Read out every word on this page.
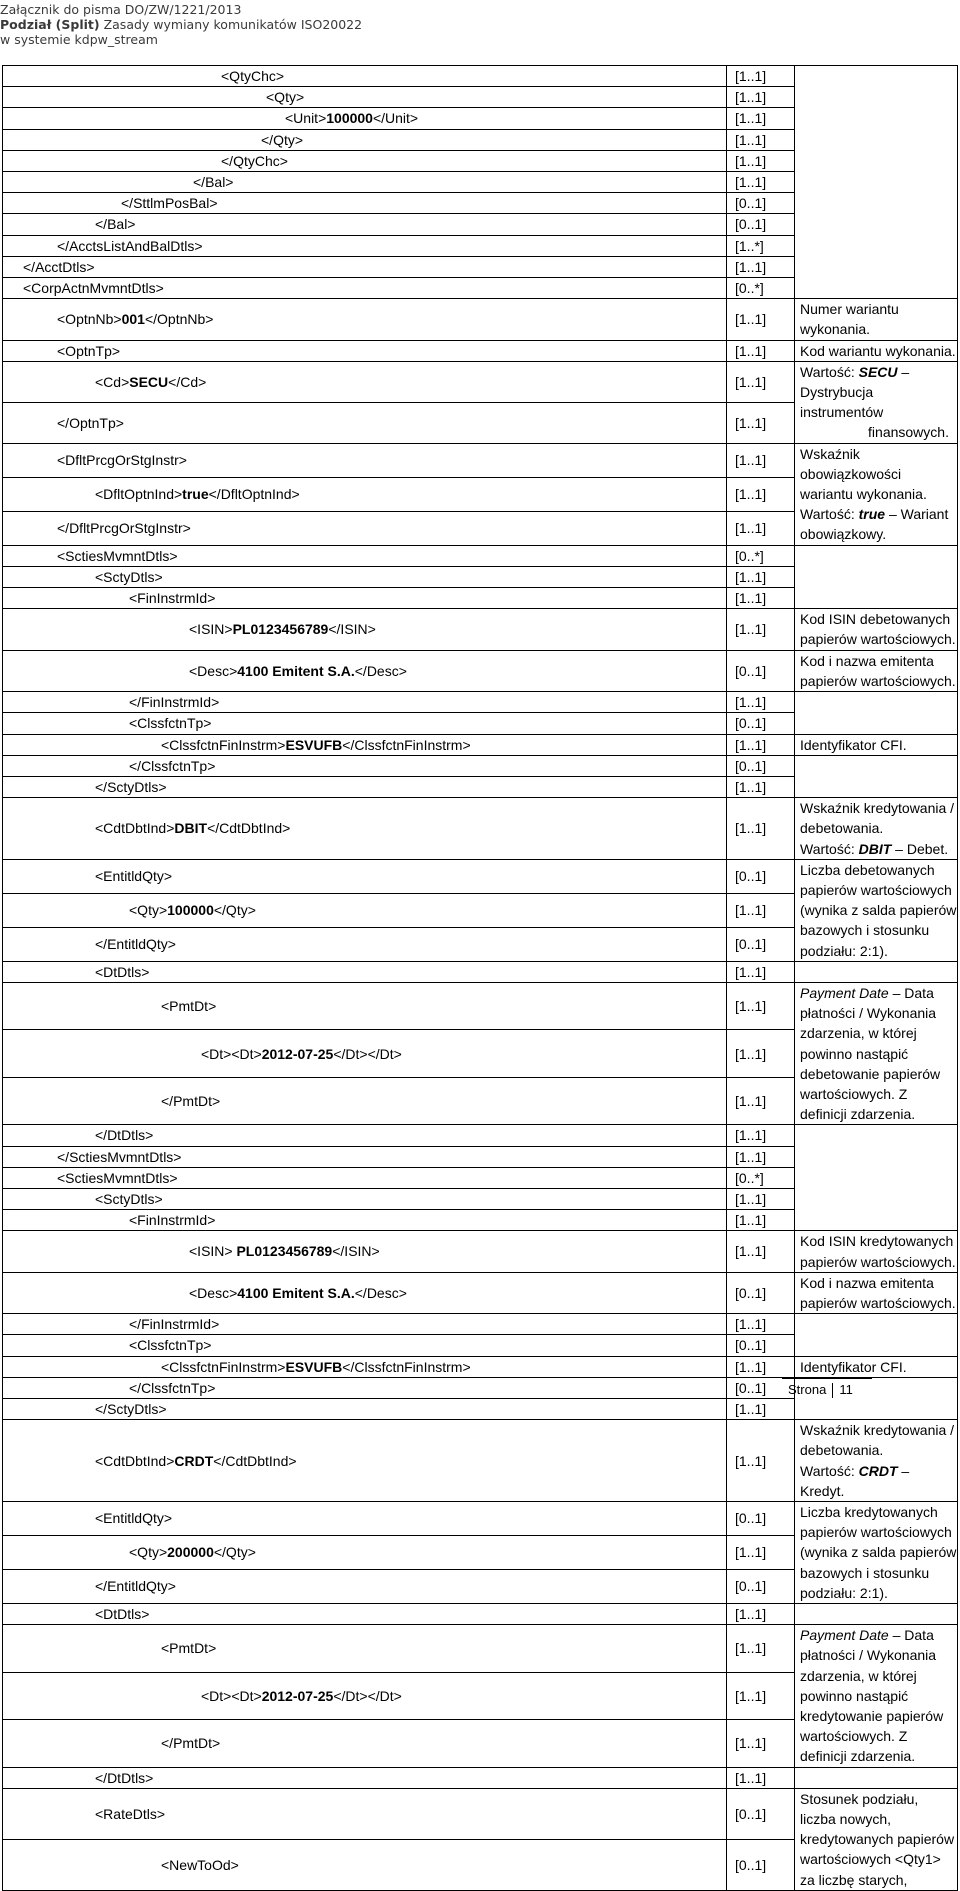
Załącznik do pisma DO/ZW/1221/2013
Podział (Split) Zasady wymiany komunikatów ISO20022
w systemie kdpw_stream
<QtyChc>	[1..1]	
<Qty>	[1..1]	
<Unit>100000</Unit>	[1..1]	
</Qty>	[1..1]	
</QtyChc>	[1..1]	
</Bal>	[1..1]	
</SttlmPosBal>	[0..1]	
</Bal>	[0..1]	
</AcctsListAndBalDtls>	[1..*]	
</AcctDtls>	[1..1]	
<CorpActnMvmntDtls>	[0..*]	
<OptnNb>001</OptnNb>	[1..1]	Numer wariantu wykonania.
<OptnTp>	[1..1]	Kod wariantu wykonania.
<Cd>SECU</Cd>	[1..1]	Wartość: SECU – Dystrybucja instrumentów

finansowych.

</OptnTp>	[1..1]	
<DfltPrcgOrStgInstr>	[1..1]	Wskaźnik obowiązkowości wariantu wykonania.
Wartość: true – Wariant obowiązkowy.
<DfltOptnInd>true</DfltOptnInd>	[1..1]	
</DfltPrcgOrStgInstr>	[1..1]	
<SctiesMvmntDtls>	[0..*]	
<SctyDtls>	[1..1]	
<FinInstrmId>	[1..1]	
<ISIN>PL0123456789</ISIN>	[1..1]	Kod ISIN debetowanych papierów wartościowych.
<Desc>4100 Emitent S.A.</Desc>	[0..1]	Kod i nazwa emitenta papierów wartościowych.
</FinInstrmId>	[1..1]	
<ClssfctnTp>	[0..1]	
<ClssfctnFinInstrm>ESVUFB</ClssfctnFinInstrm>	[1..1]	Identyfikator CFI.
</ClssfctnTp>	[0..1]	
</SctyDtls>	[1..1]	
<CdtDbtInd>DBIT</CdtDbtInd>	[1..1]	Wskaźnik kredytowania / debetowania.
Wartość: DBIT – Debet.
<EntitldQty>	[0..1]	Liczba debetowanych papierów wartościowych (wynika z salda papierów bazowych i stosunku podziału: 2:1).
<Qty>100000</Qty>	[1..1]	
</EntitldQty>	[0..1]	
<DtDtls>	[1..1]	
<PmtDt>	[1..1]	Payment Date – Data płatności / Wykonania zdarzenia, w której powinno nastąpić debetowanie papierów wartościowych. Z definicji zdarzenia.
<Dt><Dt>2012-07-25</Dt></Dt>	[1..1]	
</PmtDt>	[1..1]	
</DtDtls>	[1..1]	
</SctiesMvmntDtls>	[1..1]	
<SctiesMvmntDtls>	[0..*]	
<SctyDtls>	[1..1]	
<FinInstrmId>	[1..1]	
<ISIN> PL0123456789</ISIN>	[1..1]	Kod ISIN kredytowanych papierów wartościowych.
<Desc>4100 Emitent S.A.</Desc>	[0..1]	Kod i nazwa emitenta papierów wartościowych.
</FinInstrmId>	[1..1]	
<ClssfctnTp>	[0..1]	
<ClssfctnFinInstrm>ESVUFB</ClssfctnFinInstrm>	[1..1]	Identyfikator CFI.
</ClssfctnTp>	[0..1]	
</SctyDtls>	[1..1]	
<CdtDbtInd>CRDT</CdtDbtInd>	[1..1]	Wskaźnik kredytowania / debetowania.
Wartość: CRDT – Kredyt.
<EntitldQty>	[0..1]	Liczba kredytowanych papierów wartościowych (wynika z salda papierów bazowych i stosunku podziału: 2:1).
<Qty>200000</Qty>	[1..1]	
</EntitldQty>	[0..1]	
<DtDtls>	[1..1]	
<PmtDt>	[1..1]	Payment Date – Data płatności / Wykonania zdarzenia, w której powinno nastąpić kredytowanie papierów wartościowych. Z definicji zdarzenia.
<Dt><Dt>2012-07-25</Dt></Dt>	[1..1]	
</PmtDt>	[1..1]	
</DtDtls>	[1..1]	
<RateDtls>	[0..1]	Stosunek podziału, liczba nowych, kredytowanych papierów wartościowych <Qty1> za liczbę starych,
<NewToOd>	[0..1]	
Strona 11
